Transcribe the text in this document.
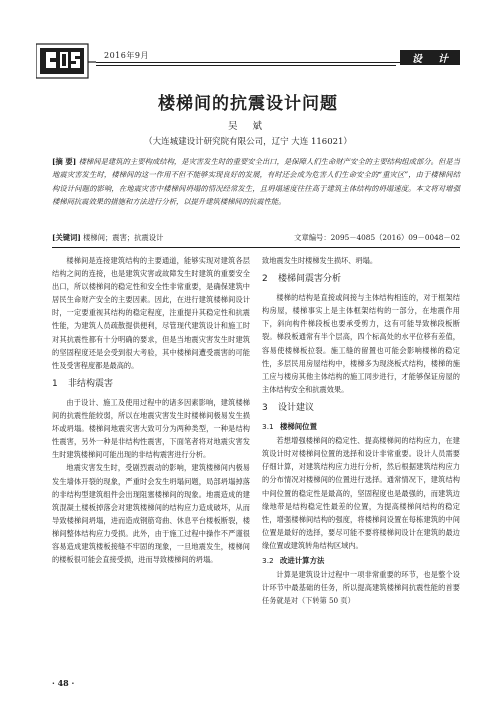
2016年9月	设 计
楼梯间的抗震设计问题
吴 斌
（大连城建设计研究院有限公司，辽宁 大连 116021）
[摘 要] 楼梯间是建筑的主要构成结构，是灾害发生时的重要安全出口，是保障人们生命财产安全的主要结构组成部分。但是当地震灾害发生时，楼梯间的这一作用不但不能够实现良好的发展，有时还会成为危害人们生命安全的“重灾区”，由于楼梯间结构设计问题的影响，在地震灾害中楼梯间坍塌的情况经常发生，且坍塌速度往往高于建筑主体结构的坍塌速度。本文将对增强楼梯间抗震效果的措施和方法进行分析，以提升建筑楼梯间的抗震性能。
[关键词] 楼梯间；震害；抗震设计	文章编号：2095－4085（2016）09－0048－02

楼梯间是连接建筑结构的主要通道，能够实现对建筑各层结构之间的连接，也是建筑灾害或故障发生时建筑的重要安全出口，所以楼梯间的稳定性和安全性非常重要，是确保建筑中居民生命财产安全的主要因素。因此，在进行建筑楼梯间设计时，一定要重视其结构的稳定程度，注重提升其稳定性和抗震性能，为建筑人员疏散提供便利，尽管现代建筑设计和施工时对其抗震性都有十分明确的要求，但是当地震灾害发生时建筑的坚固程度还是会受到很大考验，其中楼梯间遭受震害的可能性及受害程度都是最高的。

1 非结构震害

由于设计、施工及使用过程中的诸多因素影响，建筑楼梯间的抗震性能较弱，所以在地震灾害发生时楼梯间极易发生损坏或坍塌。楼梯间地震灾害大致可分为两种类型，一种是结构性震害，另外一种是非结构性震害，下面笔者将对地震灾害发生时建筑楼梯间可能出现的非结构震害进行分析。

地震灾害发生时，受剧烈震动的影响，建筑楼梯间内极易发生墙体开裂的现象，严重时会发生坍塌问题，局部坍塌掉落的非结构型建筑组件会出现阻塞楼梯间的现象。地震造成的建筑混凝土楼板掉落会对建筑楼梯间的结构应力造成破坏，从而导致楼梯间坍塌，进而造成钢筋弯曲、休息平台楼板断裂，楼梯间整体结构应力受损。此外，由于施工过程中操作不严谨很容易造成建筑楼板接缝不牢固的现象，一旦地震发生，楼梯间的楼板很可能会直接受损，进而导致楼梯间的坍塌。

致地震发生时楼梯发生损坏、坍塌。

2 楼梯间震害分析

楼梯的结构是直接或间接与主体结构相连的，对于框架结构房屋，楼梯事实上是主体框架结构的一部分，在地震作用下，斜向构件梯段板也要承受剪力，这有可能导致梯段板断裂。梯段板通常有半个层高，四个标高处的水平位移有差值，容易使楼梯板拉裂。施工缝的留置也可能会影响楼梯的稳定性，多层民用房屋结构中，楼梯多为现浇板式结构，楼梯的施工应与楼房其他主体结构的施工同步进行，才能够保证房屋的主体结构安全和抗震效果。

3 设计建议
3.1 楼梯间位置

若想增强楼梯间的稳定性、提高楼梯间的结构应力，在建筑设计时对楼梯间位置的选择和设计非常重要。设计人员需要仔细计算，对建筑结构应力进行分析，然后根据建筑结构应力的分布情况对楼梯间的位置进行选择。通常情况下，建筑结构中间位置的稳定性是最高的，坚固程度也是最强的，而建筑边缘地带是结构稳定性最差的位置，为提高楼梯间结构的稳定性，增强楼梯间结构的强度，将楼梯间设置在每栋建筑的中间位置是最好的选择，要尽可能不要将楼梯间设计在建筑的最边缘位置或建筑转角结构区域内。

3.2 改进计算方法

计算是建筑设计过程中一项非常重要的环节，也是整个设计环节中最基础的任务，所以提高建筑楼梯间抗震性能的首要任务就是对（下转第 50 页）

· 48 ·
